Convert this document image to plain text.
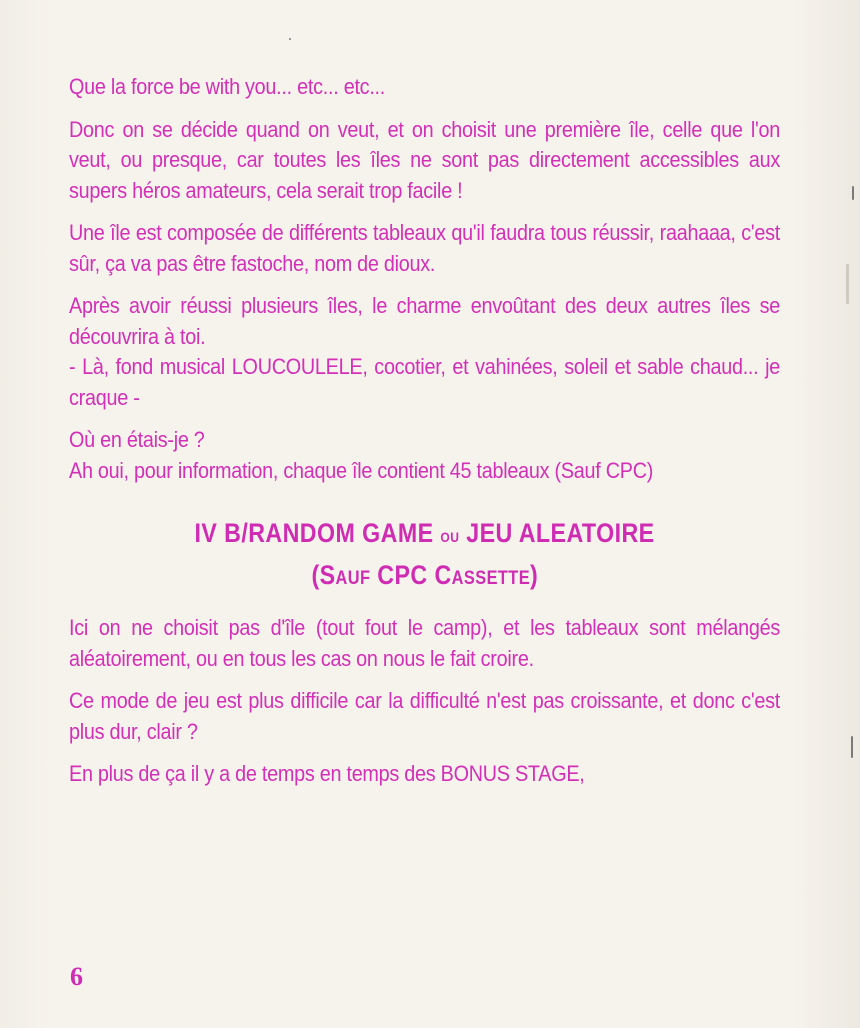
Que la force be with you... etc... etc...

Donc on se décide quand on veut, et on choisit une première île, celle que l'on veut, ou presque, car toutes les îles ne sont pas directement accessibles aux supers héros amateurs, cela serait trop facile !

Une île est composée de différents tableaux qu'il faudra tous réussir, raahaaa, c'est sûr, ça va pas être fastoche, nom de dioux.

Après avoir réussi plusieurs îles, le charme envoûtant des deux autres îles se découvrira à toi.

- Là, fond musical LOUCOULELE, cocotier, et vahinées, soleil et sable chaud... je craque -

Où en étais-je ?

Ah oui, pour information, chaque île contient 45 tableaux (Sauf CPC)

IV B/RANDOM GAME ou JEU ALEATOIRE
(Sauf CPC Cassette)

Ici on ne choisit pas d'île (tout fout le camp), et les tableaux sont mélangés aléatoirement, ou en tous les cas on nous le fait croire.

Ce mode de jeu est plus difficile car la difficulté n'est pas croissante, et donc c'est plus dur, clair ?

En plus de ça il y a de temps en temps des BONUS STAGE,

6
